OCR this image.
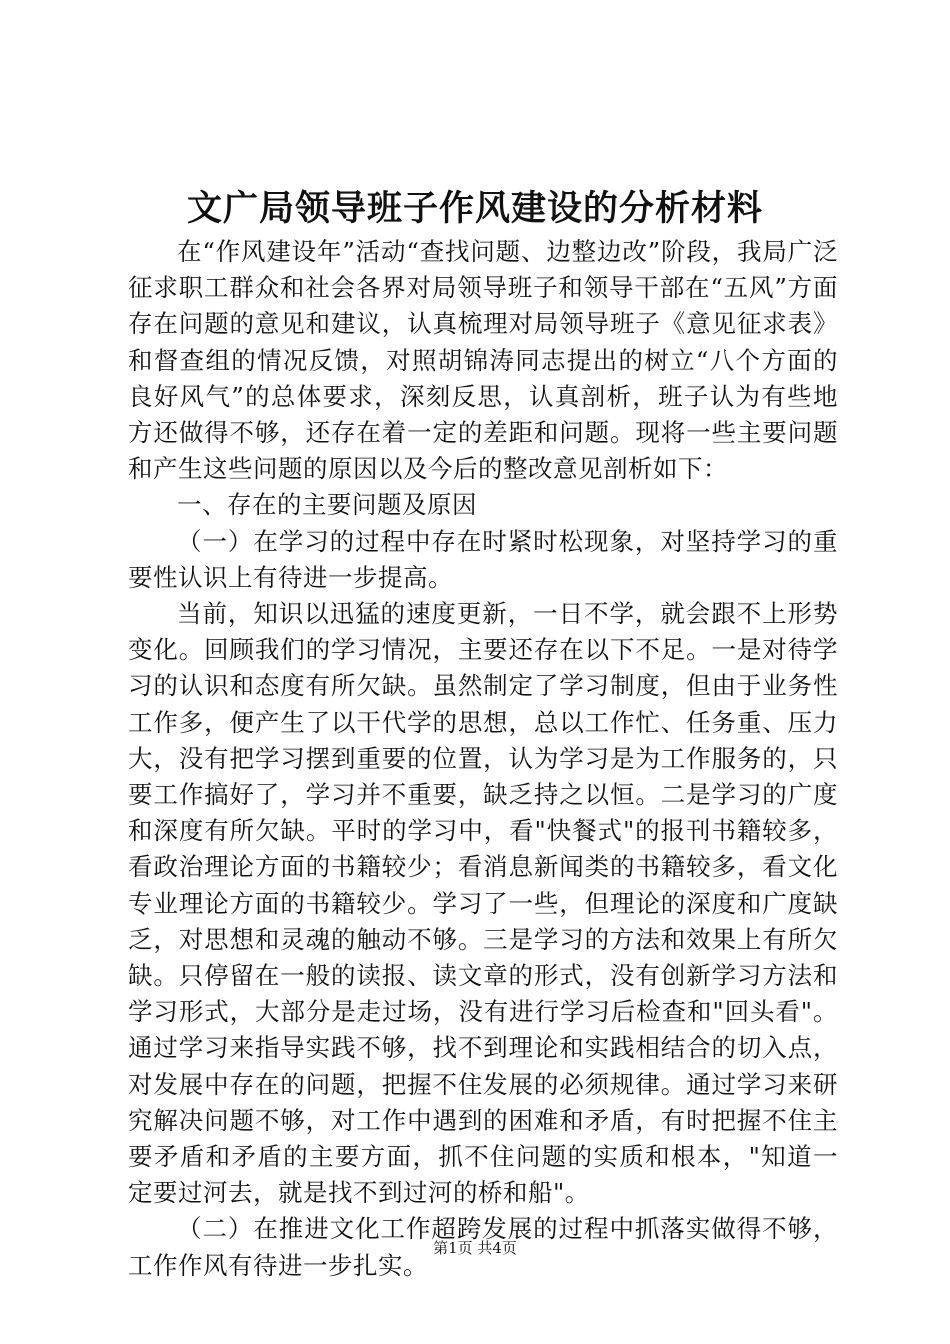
文广局领导班子作风建设的分析材料

在“作风建设年”活动“查找问题、边整边改”阶段，我局广泛征求职工群众和社会各界对局领导班子和领导干部在“五风”方面存在问题的意见和建议，认真梳理对局领导班子《意见征求表》和督查组的情况反馈，对照胡锦涛同志提出的树立“八个方面的良好风气”的总体要求，深刻反思，认真剖析，班子认为有些地方还做得不够，还存在着一定的差距和问题。现将一些主要问题和产生这些问题的原因以及今后的整改意见剖析如下：

一、存在的主要问题及原因

（一）在学习的过程中存在时紧时松现象，对坚持学习的重要性认识上有待进一步提高。

当前，知识以迅猛的速度更新，一日不学，就会跟不上形势变化。回顾我们的学习情况，主要还存在以下不足。一是对待学习的认识和态度有所欠缺。虽然制定了学习制度，但由于业务性工作多，便产生了以干代学的思想，总以工作忙、任务重、压力大，没有把学习摆到重要的位置，认为学习是为工作服务的，只要工作搞好了，学习并不重要，缺乏持之以恒。二是学习的广度和深度有所欠缺。平时的学习中，看"快餐式"的报刊书籍较多，看政治理论方面的书籍较少；看消息新闻类的书籍较多，看文化专业理论方面的书籍较少。学习了一些，但理论的深度和广度缺乏，对思想和灵魂的触动不够。三是学习的方法和效果上有所欠缺。只停留在一般的读报、读文章的形式，没有创新学习方法和学习形式，大部分是走过场，没有进行学习后检查和"回头看"。通过学习来指导实践不够，找不到理论和实践相结合的切入点，对发展中存在的问题，把握不住发展的必须规律。通过学习来研究解决问题不够，对工作中遇到的困难和矛盾，有时把握不住主要矛盾和矛盾的主要方面，抓不住问题的实质和根本，"知道一定要过河去，就是找不到过河的桥和船"。

（二）在推进文化工作超跨发展的过程中抓落实做得不够，工作作风有待进一步扎实。

第1页 共4页
